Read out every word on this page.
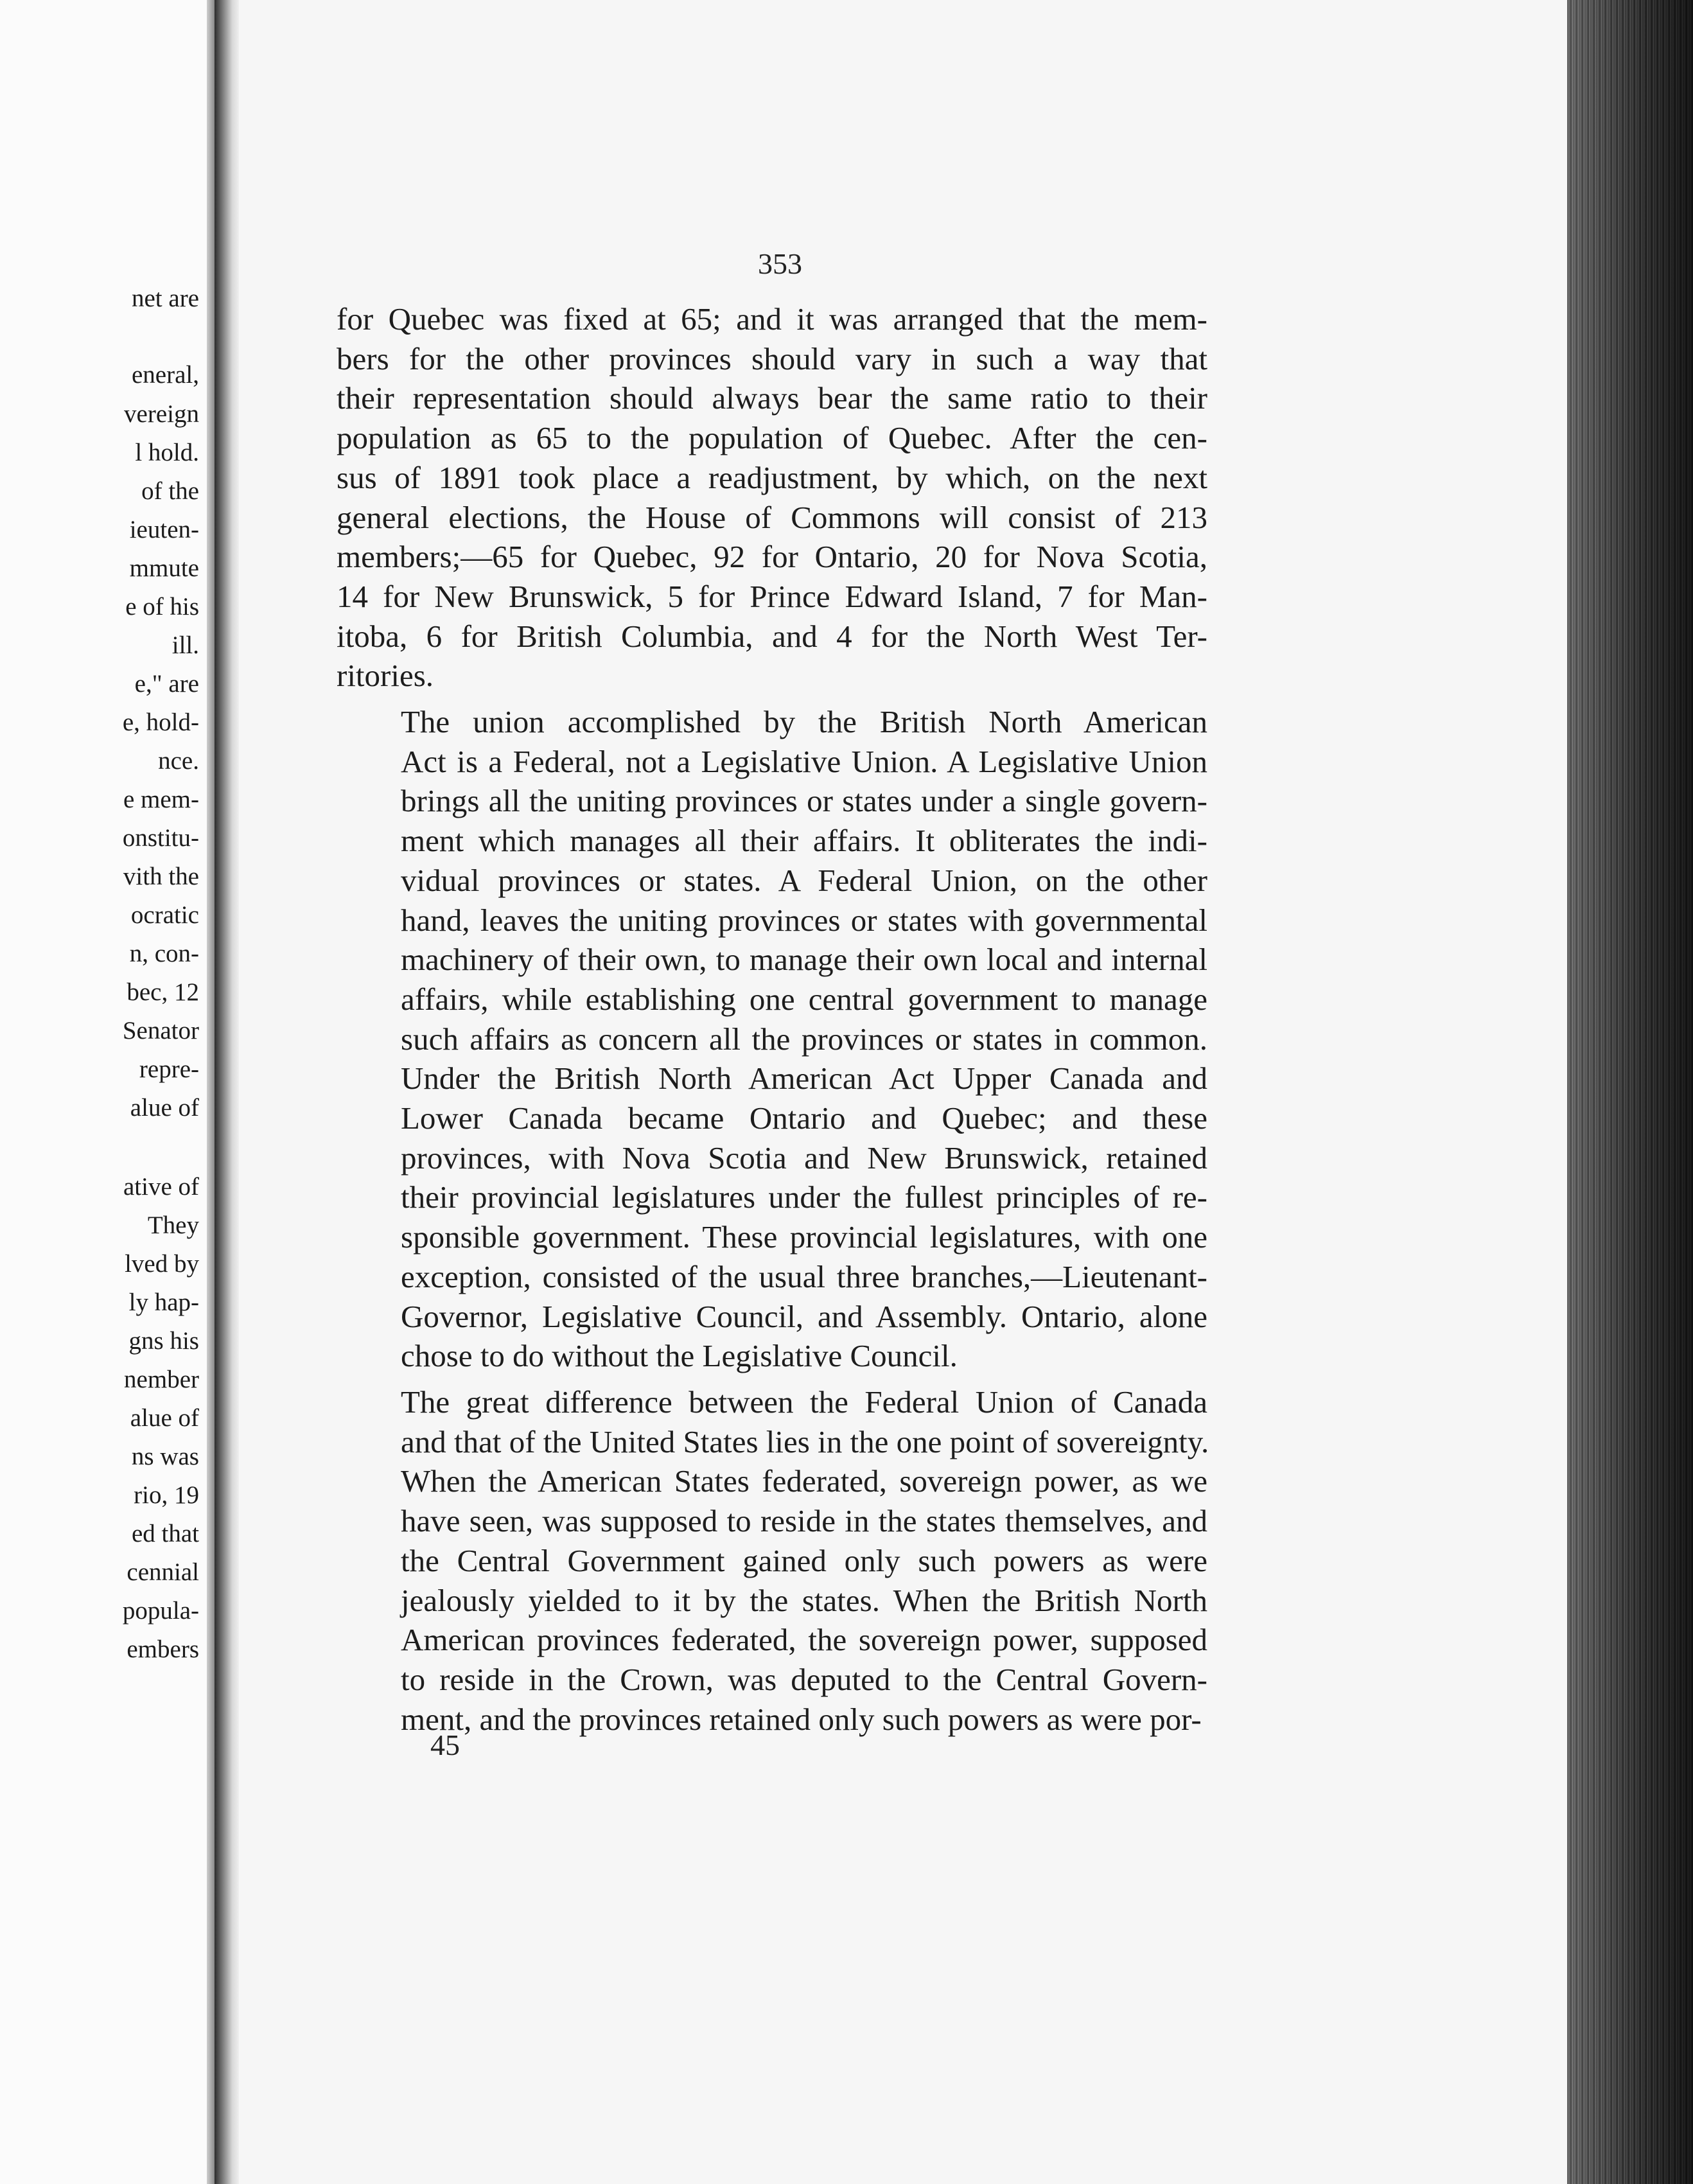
net are
eneral,
vereign
l hold.
of the
ieuten-
mmute
e of his
ill.
e," are
e, hold-
nce.
e mem-
onstitu-
vith the
ocratic
n, con-
bec, 12
Senator
repre-
alue of
ative of
They
lved by
ly hap-
gns his
nember
alue of
ns was
rio, 19
ed that
cennial
popula-
embers
353

for Quebec was fixed at 65; and it was arranged that the mem-
bers for the other provinces should vary in such a way that
their representation should always bear the same ratio to their
population as 65 to the population of Quebec. After the cen-
sus of 1891 took place a readjustment, by which, on the next
general elections, the House of Commons will consist of 213
members;—65 for Quebec, 92 for Ontario, 20 for Nova Scotia,
14 for New Brunswick, 5 for Prince Edward Island, 7 for Man-
itoba, 6 for British Columbia, and 4 for the North West Ter-
ritories.

The union accomplished by the British North American
Act is a Federal, not a Legislative Union. A Legislative Union
brings all the uniting provinces or states under a single govern-
ment which manages all their affairs. It obliterates the indi-
vidual provinces or states. A Federal Union, on the other
hand, leaves the uniting provinces or states with governmental
machinery of their own, to manage their own local and internal
affairs, while establishing one central government to manage
such affairs as concern all the provinces or states in common.
Under the British North American Act Upper Canada and
Lower Canada became Ontario and Quebec; and these
provinces, with Nova Scotia and New Brunswick, retained
their provincial legislatures under the fullest principles of re-
sponsible government. These provincial legislatures, with one
exception, consisted of the usual three branches,—Lieutenant-
Governor, Legislative Council, and Assembly. Ontario, alone
chose to do without the Legislative Council.

The great difference between the Federal Union of Canada
and that of the United States lies in the one point of sovereignty.
When the American States federated, sovereign power, as we
have seen, was supposed to reside in the states themselves, and
the Central Government gained only such powers as were
jealously yielded to it by the states. When the British North
American provinces federated, the sovereign power, supposed
to reside in the Crown, was deputed to the Central Govern-
ment, and the provinces retained only such powers as were por-

45
